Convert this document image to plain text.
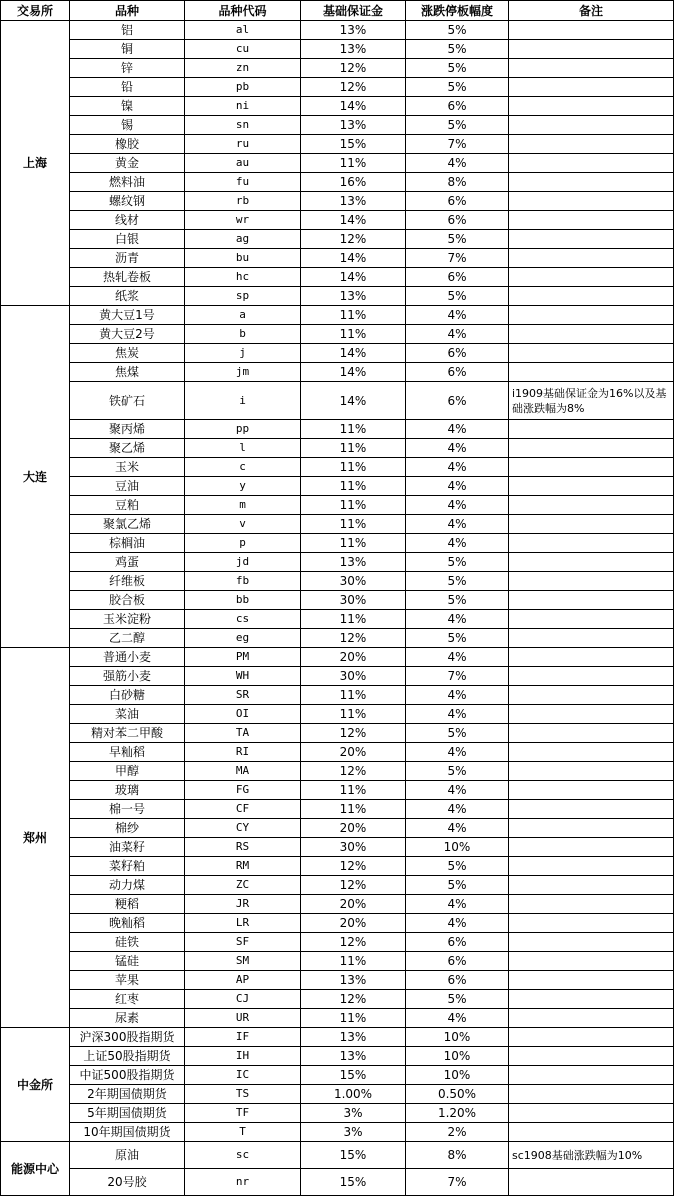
交易所	品种	品种代码	基础保证金	涨跌停板幅度	备注
上海	铝	al	13%	5%	
	铜	cu	13%	5%	
	锌	zn	12%	5%	
	铅	pb	12%	5%	
	镍	ni	14%	6%	
	锡	sn	13%	5%	
	橡胶	ru	15%	7%	
	黄金	au	11%	4%	
	燃料油	fu	16%	8%	
	螺纹钢	rb	13%	6%	
	线材	wr	14%	6%	
	白银	ag	12%	5%	
	沥青	bu	14%	7%	
	热轧卷板	hc	14%	6%	
	纸浆	sp	13%	5%	
大连	黄大豆1号	a	11%	4%	
	黄大豆2号	b	11%	4%	
	焦炭	j	14%	6%	
	焦煤	jm	14%	6%	
	铁矿石	i	14%	6%	i1909基础保证金为16%以及基础涨跌幅为8%
	聚丙烯	pp	11%	4%	
	聚乙烯	l	11%	4%	
	玉米	c	11%	4%	
	豆油	y	11%	4%	
	豆粕	m	11%	4%	
	聚氯乙烯	v	11%	4%	
	棕榈油	p	11%	4%	
	鸡蛋	jd	13%	5%	
	纤维板	fb	30%	5%	
	胶合板	bb	30%	5%	
	玉米淀粉	cs	11%	4%	
	乙二醇	eg	12%	5%	
郑州	普通小麦	PM	20%	4%	
	强筋小麦	WH	30%	7%	
	白砂糖	SR	11%	4%	
	菜油	OI	11%	4%	
	精对苯二甲酸	TA	12%	5%	
	早籼稻	RI	20%	4%	
	甲醇	MA	12%	5%	
	玻璃	FG	11%	4%	
	棉一号	CF	11%	4%	
	棉纱	CY	20%	4%	
	油菜籽	RS	30%	10%	
	菜籽粕	RM	12%	5%	
	动力煤	ZC	12%	5%	
	粳稻	JR	20%	4%	
	晚籼稻	LR	20%	4%	
	硅铁	SF	12%	6%	
	锰硅	SM	11%	6%	
	苹果	AP	13%	6%	
	红枣	CJ	12%	5%	
	尿素	UR	11%	4%	
中金所	沪深300股指期货	IF	13%	10%	
	上证50股指期货	IH	13%	10%	
	中证500股指期货	IC	15%	10%	
	2年期国债期货	TS	1.00%	0.50%	
	5年期国债期货	TF	3%	1.20%	
	10年期国债期货	T	3%	2%	
能源中心	原油	sc	15%	8%	sc1908基础涨跌幅为10%
	20号胶	nr	15%	7%	
